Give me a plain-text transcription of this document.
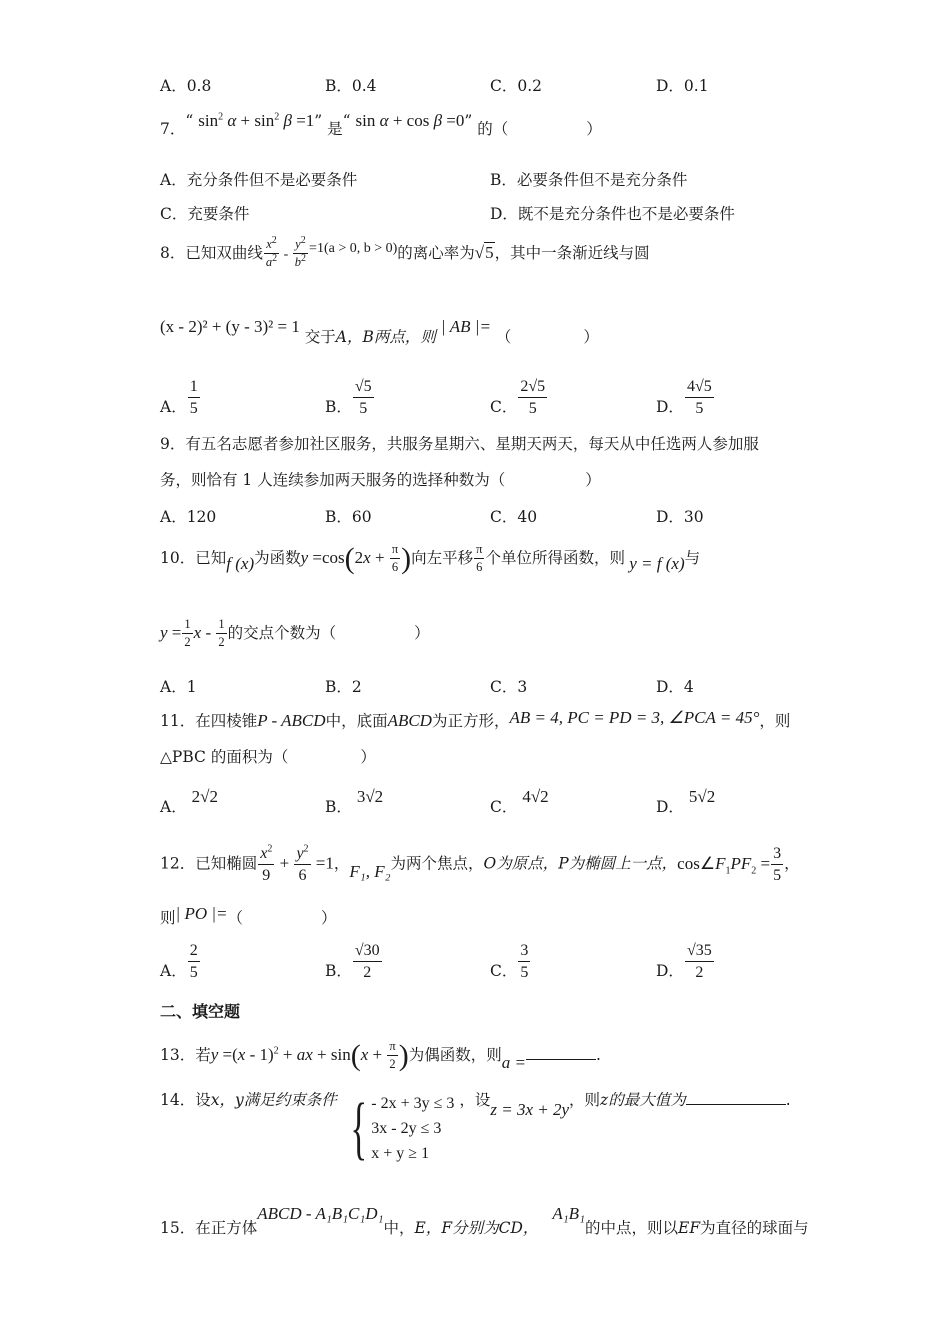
A．0.8	B．0.4	C．0.2	D．0.1
7．“ $\sin^2 \alpha + \sin^2 \beta =1$” 是“ sin α + cos β =0” 的（	）
A．充分条件但不是必要条件	B．必要条件但不是充分条件
C．充要条件	D．既不是充分条件也不是必要条件
8．已知双曲线 $\frac{x^2}{a^2} - \frac{y^2}{b^2} =1(a > 0$, b > 0)的离心率为√5，其中一条渐近线与圆
(x - 2)² + (y - 3)² = 1 交于A，B两点，则 | AB |= （	）
A． $\frac{1}{5}$	B． $\frac{√5}{5}$	C． $\frac{2√5}{5}$	D． $\frac{4√5}{5}$
9．有五名志愿者参加社区服务，共服务星期六、星期天两天，每天从中任选两人参加服
务，则恰有 1 人连续参加两天服务的选择种数为（	）
A．120	B．60	C．40	D．30
10．已知f (x)为函数$y =\cos(2x + \frac{\pi}{6}$ )向左平移 $\frac{\pi}{6}$ 个单位所得函数，则 y = f (x)与
$y = \frac{1}{2}$ x - $\frac{1}{2}$ 的交点个数为（	）
A．1	B．2	C．3	D．4
11．在四棱锥P - ABCD中，底面ABCD为正方形，AB = 4, PC = PD = 3, ∠PCA = 45°，则
△PBC 的面积为（	）
A． 2√2
B． 3√2
C． 4√2
D． 5√2
12．已知椭圆 $\frac{x^2}{9} + \frac{y^2}{6} =1$，F₁, F₂为两个焦点，O为原点，P为椭圆上一点，$\cos\angle F_1PF_2 = \frac{3}{5}$ ，
则| PO |=（	）
A． $\frac{2}{5}$	B． $\frac{√30}{2}$	C． $\frac{3}{5}$	D． $\frac{√35}{2}$
二、填空题
13．若y =(x - 1)$^2$ + ax + $\sin(x + \frac{\pi}{2}$ )为偶函数，则a =	.
14．设x，y满足约束条件 { - 2x + 3y ≤ 3
3x - 2y ≤ 3
x + y ≥ 1
，设z = 3x + 2y，则z的最大值为	.
15．在正方体ABCD - A₁B₁C₁D₁中，E，F分别为CD，A₁B₁的中点，则以EF为直径的球面与
